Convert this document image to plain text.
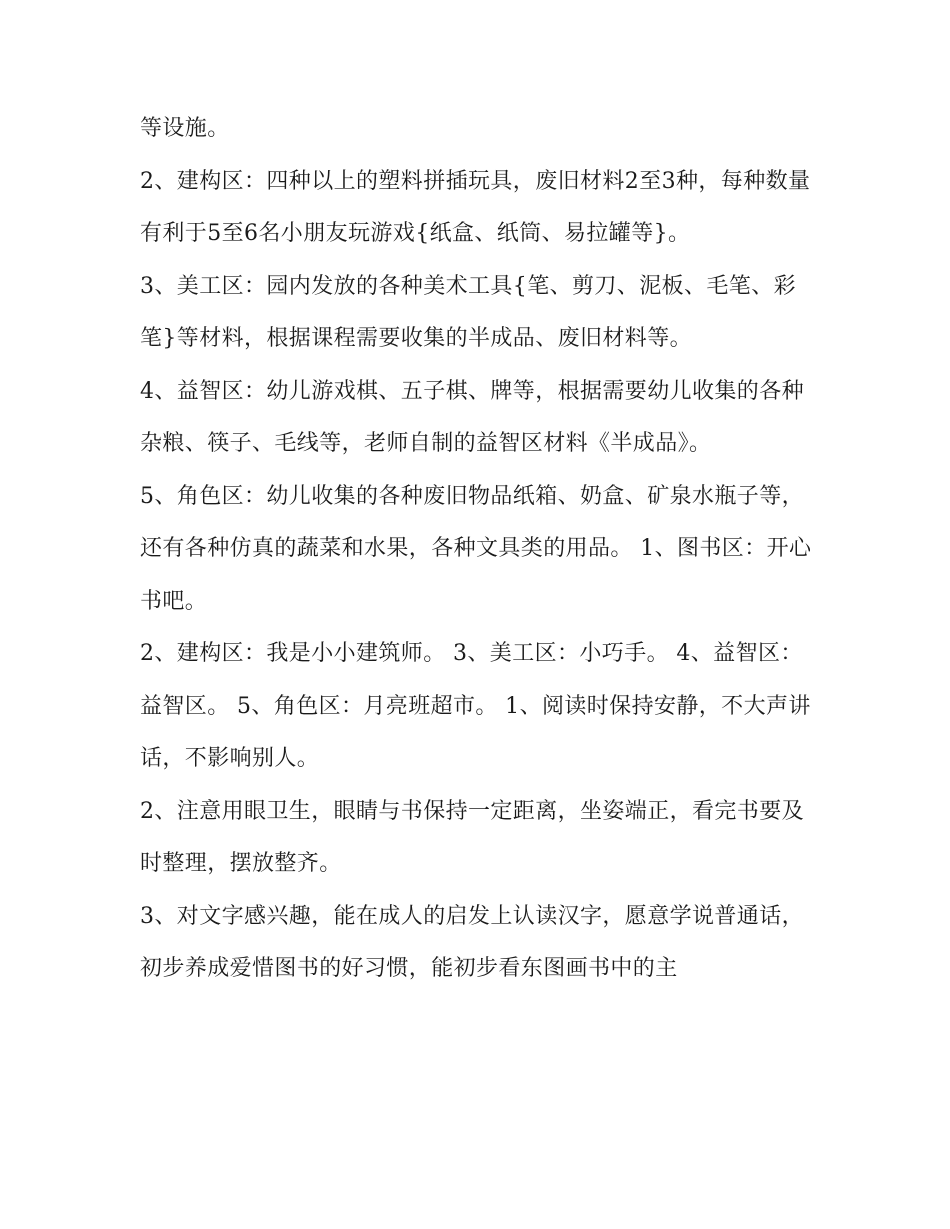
等设施。

2、建构区：四种以上的塑料拼插玩具，废旧材料2至3种，每种数量有利于5至6名小朋友玩游戏{纸盒、纸筒、易拉罐等}。

3、美工区：园内发放的各种美术工具{笔、剪刀、泥板、毛笔、彩笔}等材料，根据课程需要收集的半成品、废旧材料等。

4、益智区：幼儿游戏棋、五子棋、牌等，根据需要幼儿收集的各种杂粮、筷子、毛线等，老师自制的益智区材料《半成品》。

5、角色区：幼儿收集的各种废旧物品纸箱、奶盒、矿泉水瓶子等，还有各种仿真的蔬菜和水果，各种文具类的用品。 1、图书区：开心书吧。

2、建构区：我是小小建筑师。 3、美工区：小巧手。 4、益智区：益智区。 5、角色区：月亮班超市。 1、阅读时保持安静，不大声讲话，不影响别人。

2、注意用眼卫生，眼睛与书保持一定距离，坐姿端正，看完书要及时整理，摆放整齐。

3、对文字感兴趣，能在成人的启发上认读汉字，愿意学说普通话，初步养成爱惜图书的好习惯，能初步看东图画书中的主
